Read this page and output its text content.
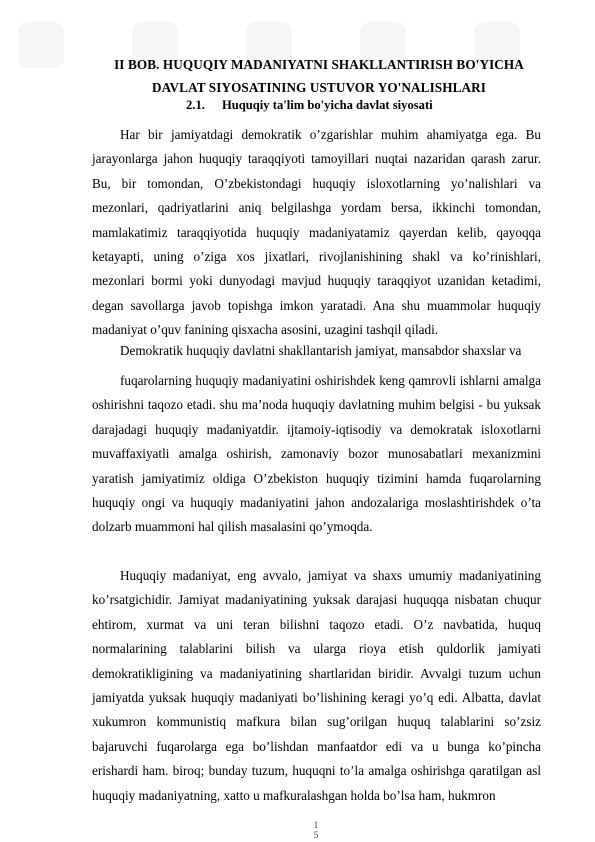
II BOB. HUQUQIY MADANIYATNI SHAKLLANTIRISH BO'YICHA
DAVLAT SIYOSATINING USTUVOR YO'NALISHLARI
2.1. Huquqiy ta'lim bo'yicha davlat siyosati

Har bir jamiyatdagi demokratik o’zgarishlar muhim ahamiyatga ega. Bu jarayonlarga jahon huquqiy taraqqiyoti tamoyillari nuqtai nazaridan qarash zarur. Bu, bir tomondan, O’zbekistondagi huquqiy isloxotlarning yo’nalishlari va mezonlari, qadriyatlarini aniq belgilashga yordam bersa, ikkinchi tomondan, mamlakatimiz taraqqiyotida huquqiy madaniyatamiz qayerdan kelib, qayoqqa ketayapti, uning o’ziga xos jixatlari, rivojlanishining shakl va ko’rinishlari, mezonlari bormi yoki dunyodagi mavjud huquqiy taraqqiyot uzanidan ketadimi, degan savollarga javob topishga imkon yaratadi. Ana shu muammolar huquqiy madaniyat o’quv fanining qisxacha asosini, uzagini tashqil qiladi.

Demokratik huquqiy davlatni shakllantarish jamiyat, mansabdor shaxslar va

fuqarolarning huquqiy madaniyatini oshirishdek keng qamrovli ishlarni amalga oshirishni taqozo etadi. shu ma’noda huquqiy davlatning muhim belgisi - bu yuksak darajadagi huquqiy madaniyatdir. ijtamoiy-iqtisodiy va demokratak isloxotlarni muvaffaxiyatli amalga oshirish, zamonaviy bozor munosabatlari mexanizmini yaratish jamiyatimiz oldiga O’zbekiston huquqiy tizimini hamda fuqarolarning huquqiy ongi va huquqiy madaniyatini jahon andozalariga moslashtirishdek o’ta dolzarb muammoni hal qilish masalasini qo’ymoqda.

Huquqiy madaniyat, eng avvalo, jamiyat va shaxs umumiy madaniyatining ko’rsatgichidir. Jamiyat madaniyatining yuksak darajasi huquqqa nisbatan chuqur ehtirom, xurmat va uni teran bilishni taqozo etadi. O’z navbatida, huquq normalarining talablarini bilish va ularga rioya etish quldorlik jamiyati demokratikligining va madaniyatining shartlaridan biridir. Avvalgi tuzum uchun jamiyatda yuksak huquqiy madaniyati bo’lishining keragi yo’q edi. Albatta, davlat xukumron kommunistiq mafkura bilan sug’orilgan huquq talablarini so’zsiz bajaruvchi fuqarolarga ega bo’lishdan manfaatdor edi va u bunga ko’pincha erishardi ham. biroq; bunday tuzum, huquqni to’la amalga oshirishga qaratilgan asl huquqiy madaniyatning, xatto u mafkuralashgan holda bo’lsa ham, hukmron

15
